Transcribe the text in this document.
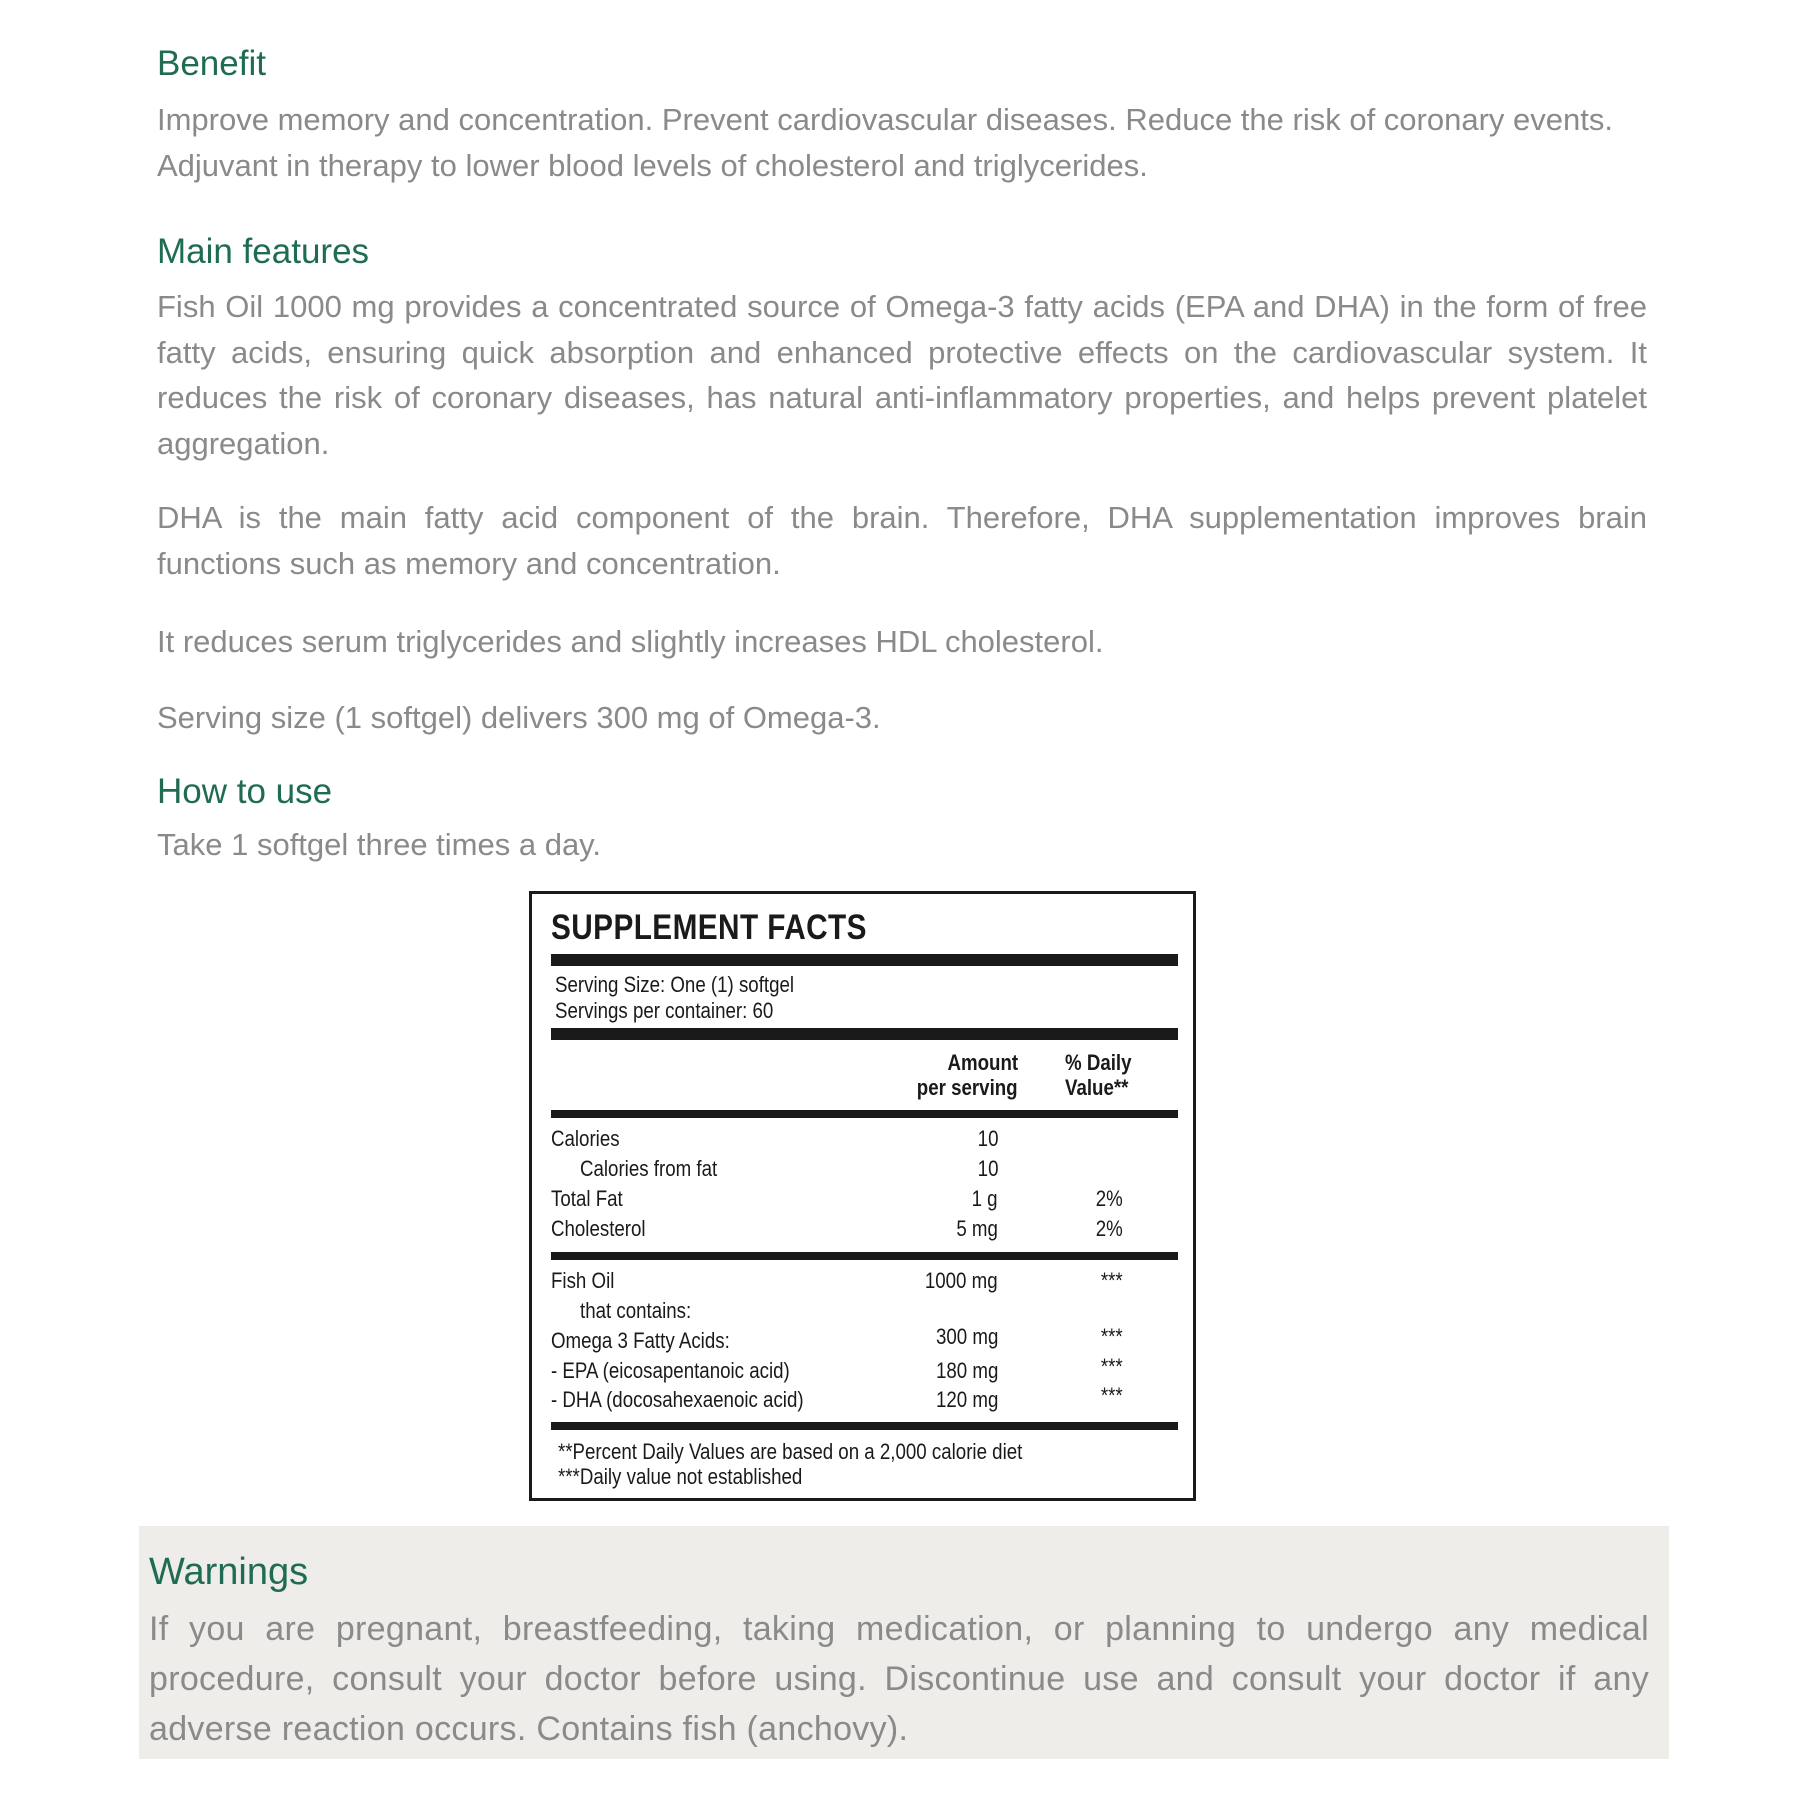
Benefit

Improve memory and concentration. Prevent cardiovascular diseases. Reduce the risk of coronary events. Adjuvant in therapy to lower blood levels of cholesterol and triglycerides.

Main features

Fish Oil 1000 mg provides a concentrated source of Omega-3 fatty acids (EPA and DHA) in the form of free fatty acids, ensuring quick absorption and enhanced protective effects on the cardiovascular system. It reduces the risk of coronary diseases, has natural anti-inflammatory properties, and helps prevent platelet aggregation.

DHA is the main fatty acid component of the brain. Therefore, DHA supplementation improves brain functions such as memory and concentration.

It reduces serum triglycerides and slightly increases HDL cholesterol.

Serving size (1 softgel) delivers 300 mg of Omega-3.

How to use

Take 1 softgel three times a day.

SUPPLEMENT FACTS
Serving Size: One (1) softgel
Servings per container: 60
Amount
per serving
% Daily
Value**
Calories	10
Calories from fat	10
Total Fat	1 g	2%
Cholesterol	5 mg	2%
Fish Oil	1000 mg	***
that contains:
Omega 3 Fatty Acids:	300 mg	***
- EPA (eicosapentanoic acid)	180 mg	***
- DHA (docosahexaenoic acid)	120 mg	***
**Percent Daily Values are based on a 2,000 calorie diet
***Daily value not established
Warnings

If you are pregnant, breastfeeding, taking medication, or planning to undergo any medical procedure, consult your doctor before using. Discontinue use and consult your doctor if any adverse reaction occurs. Contains fish (anchovy).
